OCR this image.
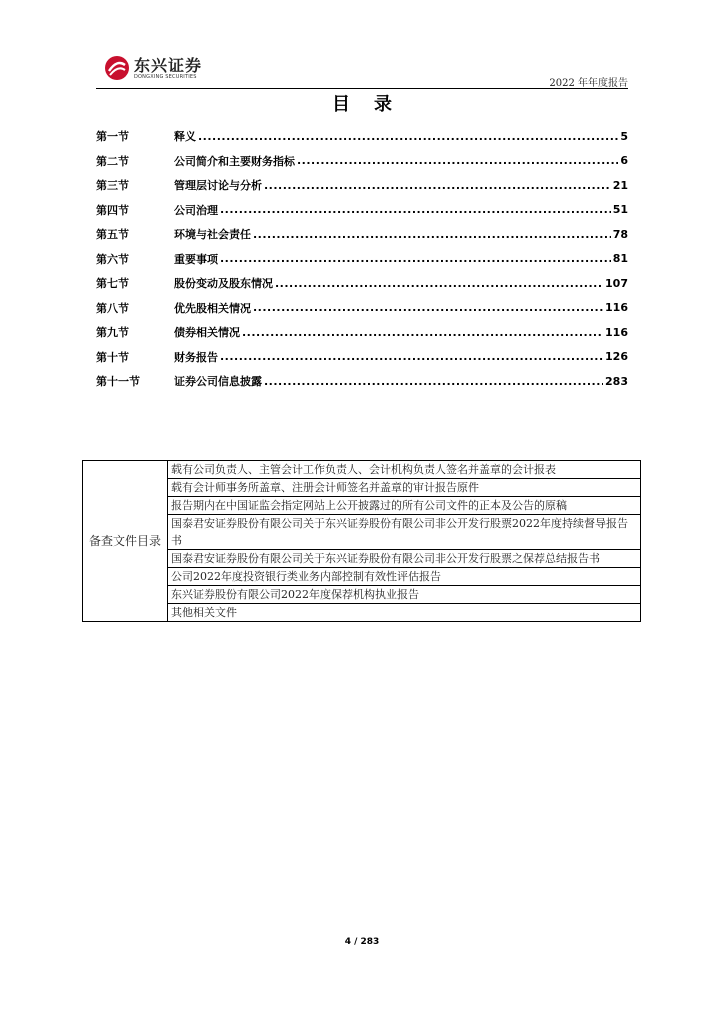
东兴证券
DONGXING SECURITIES
2022 年年度报告
目录
第一节	释义 .....	5
第二节	公司简介和主要财务指标 .....	6
第三节	管理层讨论与分析 .....	21
第四节	公司治理 .....	51
第五节	环境与社会责任 .....	78
第六节	重要事项 .....	81
第七节	股份变动及股东情况 .....	107
第八节	优先股相关情况 .....	116
第九节	债券相关情况 .....	116
第十节	财务报告 .....	126
第十一节	证券公司信息披露 .....	283
备查文件目录	载有公司负责人、主管会计工作负责人、会计机构负责人签名并盖章的会计报表
载有会计师事务所盖章、注册会计师签名并盖章的审计报告原件
报告期内在中国证监会指定网站上公开披露过的所有公司文件的正本及公告的原稿
国泰君安证券股份有限公司关于东兴证券股份有限公司非公开发行股票2022年度持续督导报告书
国泰君安证券股份有限公司关于东兴证券股份有限公司非公开发行股票之保荐总结报告书
公司2022年度投资银行类业务内部控制有效性评估报告
东兴证券股份有限公司2022年度保荐机构执业报告
其他相关文件
4 / 283
